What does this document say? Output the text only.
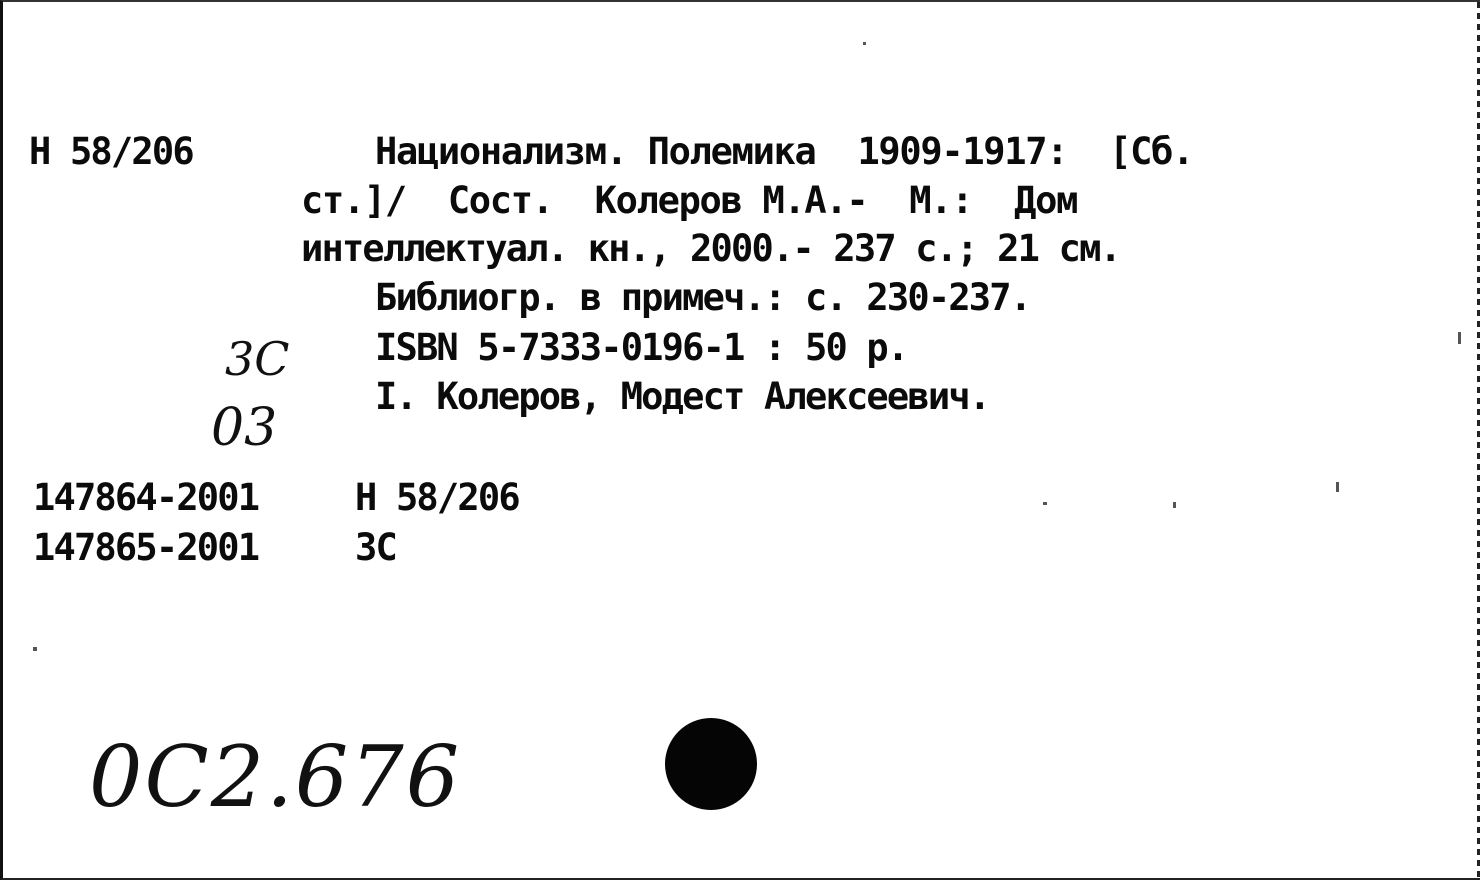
Н 58/206	Национализм. Полемика  1909-1917:  [Сб.
ст.]/  Сост.  Колеров М.А.-  М.:  Дом
интеллектуал. кн., 2000.- 237 с.; 21 см.
Библиогр. в примеч.: с. 230-237.
ISBN 5-7333-0196-1 : 50 р.
I. Колеров, Модест Алексеевич.
3С
03
147864-2001	Н 58/206
147865-2001	3С
0С2.676
